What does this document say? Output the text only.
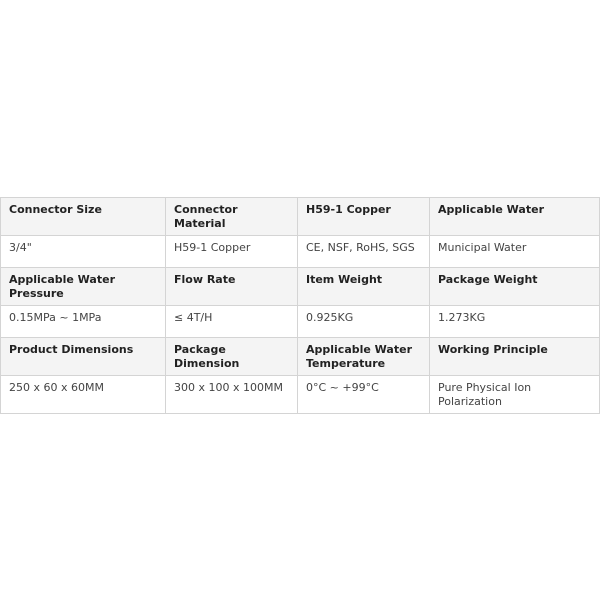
Connector Size	Connector Material	H59-1 Copper	Applicable Water
3/4"	H59-1 Copper	CE, NSF, RoHS, SGS	Municipal Water
Applicable Water Pressure	Flow Rate	Item Weight	Package Weight
0.15MPa ~ 1MPa	≤ 4T/H	0.925KG	1.273KG
Product Dimensions	Package Dimension	Applicable Water Temperature	Working Principle
250 x 60 x 60MM	300 x 100 x 100MM	0°C ~ +99°C	Pure Physical Ion Polarization
